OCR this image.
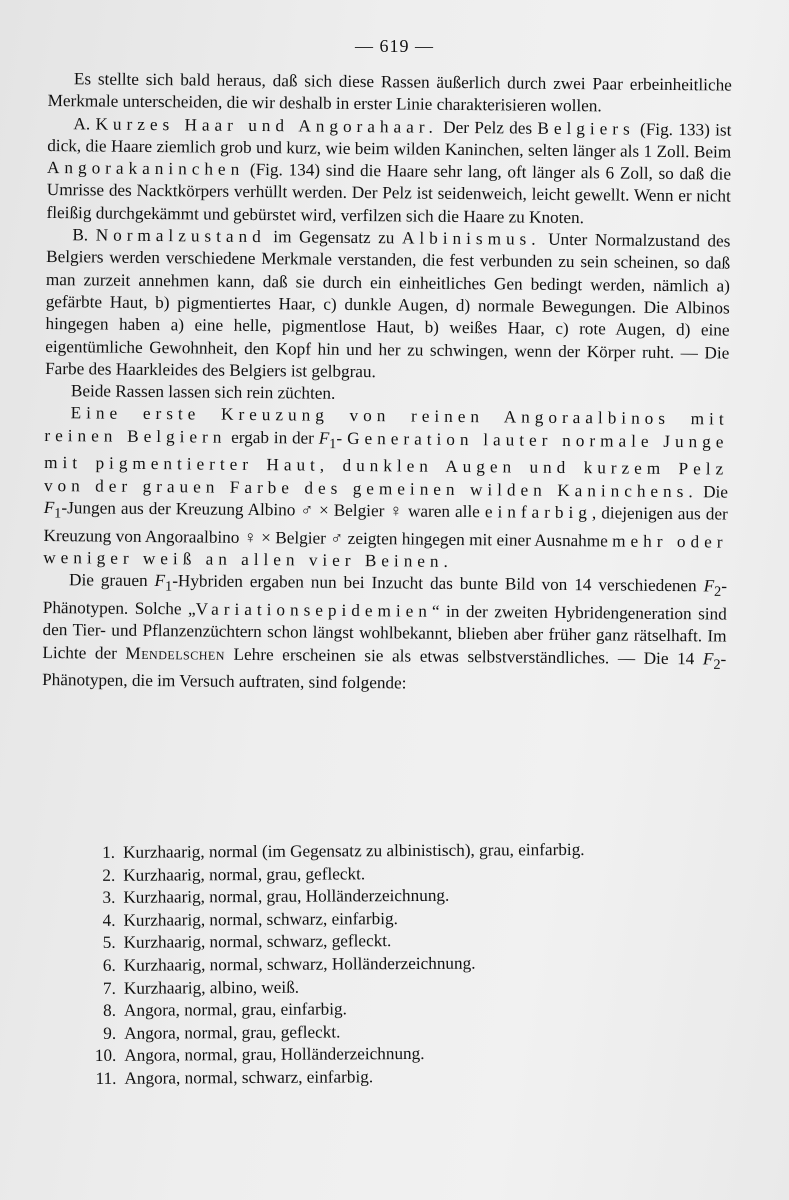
— 619 —

Es stellte sich bald heraus, daß sich diese Rassen äußerlich durch zwei Paar erbeinheitliche Merkmale unterscheiden, die wir deshalb in erster Linie charakterisieren wollen.

A. Kurzes Haar und Angorahaar. Der Pelz des Belgiers (Fig. 133) ist dick, die Haare ziemlich grob und kurz, wie beim wilden Kaninchen, selten länger als 1 Zoll. Beim Angorakaninchen (Fig. 134) sind die Haare sehr lang, oft länger als 6 Zoll, so daß die Umrisse des Nacktkörpers verhüllt werden. Der Pelz ist seidenweich, leicht gewellt. Wenn er nicht fleißig durchgekämmt und gebürstet wird, verfilzen sich die Haare zu Knoten.

B. Normalzustand im Gegensatz zu Albinismus. Unter Normalzustand des Belgiers werden verschiedene Merkmale verstanden, die fest verbunden zu sein scheinen, so daß man zurzeit annehmen kann, daß sie durch ein einheitliches Gen bedingt werden, nämlich a) gefärbte Haut, b) pigmentiertes Haar, c) dunkle Augen, d) normale Bewegungen. Die Albinos hingegen haben a) eine helle, pigmentlose Haut, b) weißes Haar, c) rote Augen, d) eine eigentümliche Gewohnheit, den Kopf hin und her zu schwingen, wenn der Körper ruht. — Die Farbe des Haarkleides des Belgiers ist gelbgrau.

Beide Rassen lassen sich rein züchten.

Eine erste Kreuzung von reinen Angoraalbinos mit reinen Belgiern ergab in der $F_1$-Generation lauter normale Junge mit pigmentierter Haut, dunklen Augen und kurzem Pelz von der grauen Farbe des gemeinen wilden Kaninchens. Die $F_1$-Jungen aus der Kreuzung Albino ♂ × Belgier ♀ waren alle einfarbig, diejenigen aus der Kreuzung von Angoraalbino ♀ × Belgier ♂ zeigten hingegen mit einer Ausnahme mehr oder weniger weiß an allen vier Beinen.

Die grauen $F_1$-Hybriden ergaben nun bei Inzucht das bunte Bild von 14 verschiedenen $F_2$-Phänotypen. Solche „Variationsepidemien“ in der zweiten Hybridengeneration sind den Tier- und Pflanzenzüchtern schon längst wohlbekannt, blieben aber früher ganz rätselhaft. Im Lichte der Mendelschen Lehre erscheinen sie als etwas selbstverständliches. — Die 14 $F_2$-Phänotypen, die im Versuch auftraten, sind folgende:

1. Kurzhaarig, normal (im Gegensatz zu albinistisch), grau, einfarbig.
2. Kurzhaarig, normal, grau, gefleckt.
3. Kurzhaarig, normal, grau, Holländerzeichnung.
4. Kurzhaarig, normal, schwarz, einfarbig.
5. Kurzhaarig, normal, schwarz, gefleckt.
6. Kurzhaarig, normal, schwarz, Holländerzeichnung.
7. Kurzhaarig, albino, weiß.
8. Angora, normal, grau, einfarbig.
9. Angora, normal, grau, gefleckt.
10. Angora, normal, grau, Holländerzeichnung.
11. Angora, normal, schwarz, einfarbig.
